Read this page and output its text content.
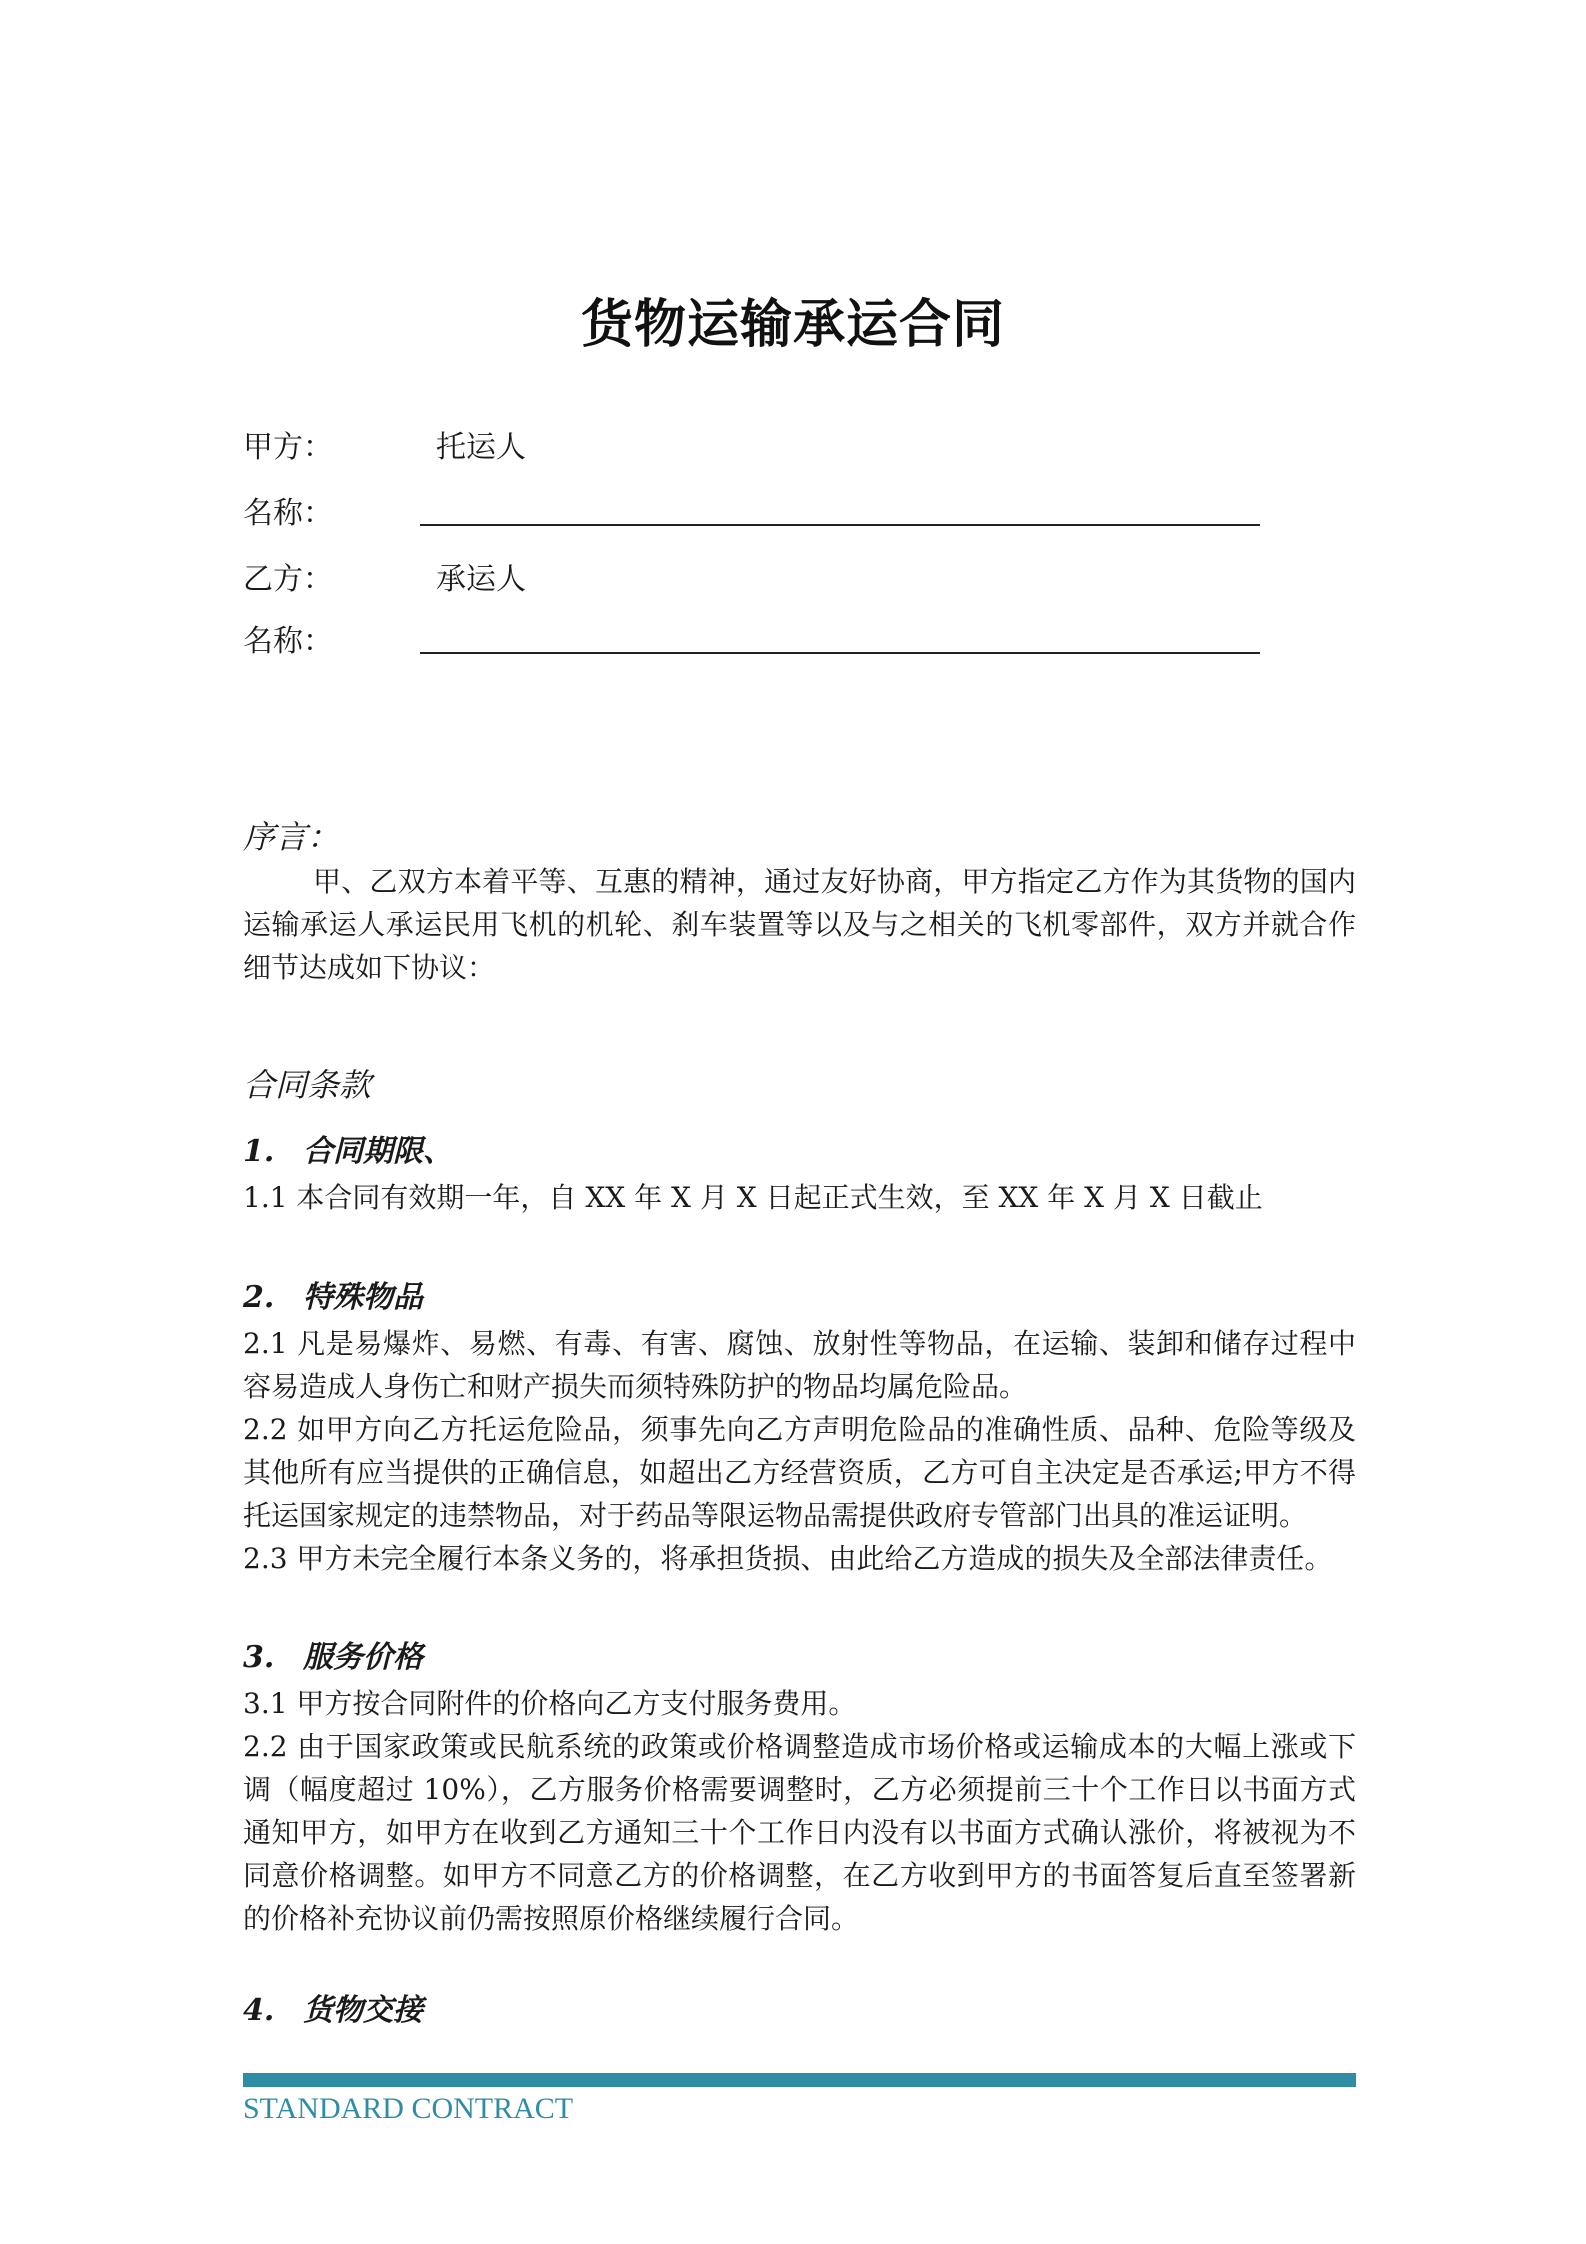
货物运输承运合同
甲方：	托运人
名称：
乙方：	承运人
名称：
序言：
甲、乙双方本着平等、互惠的精神，通过友好协商，甲方指定乙方作为其货物的国内运输承运人承运民用飞机的机轮、刹车装置等以及与之相关的飞机零部件，双方并就合作细节达成如下协议：
合同条款
1. 合同期限、
1.1 本合同有效期一年，自 XX 年 X 月 X 日起正式生效，至 XX 年 X 月 X 日截止
2. 特殊物品
2.1 凡是易爆炸、易燃、有毒、有害、腐蚀、放射性等物品，在运输、装卸和储存过程中容易造成人身伤亡和财产损失而须特殊防护的物品均属危险品。
2.2 如甲方向乙方托运危险品，须事先向乙方声明危险品的准确性质、品种、危险等级及其他所有应当提供的正确信息，如超出乙方经营资质，乙方可自主决定是否承运;甲方不得托运国家规定的违禁物品，对于药品等限运物品需提供政府专管部门出具的准运证明。
2.3 甲方未完全履行本条义务的，将承担货损、由此给乙方造成的损失及全部法律责任。
3. 服务价格
3.1 甲方按合同附件的价格向乙方支付服务费用。
2.2 由于国家政策或民航系统的政策或价格调整造成市场价格或运输成本的大幅上涨或下调（幅度超过 10%），乙方服务价格需要调整时，乙方必须提前三十个工作日以书面方式通知甲方，如甲方在收到乙方通知三十个工作日内没有以书面方式确认涨价，将被视为不同意价格调整。如甲方不同意乙方的价格调整，在乙方收到甲方的书面答复后直至签署新的价格补充协议前仍需按照原价格继续履行合同。
4. 货物交接
STANDARD CONTRACT
